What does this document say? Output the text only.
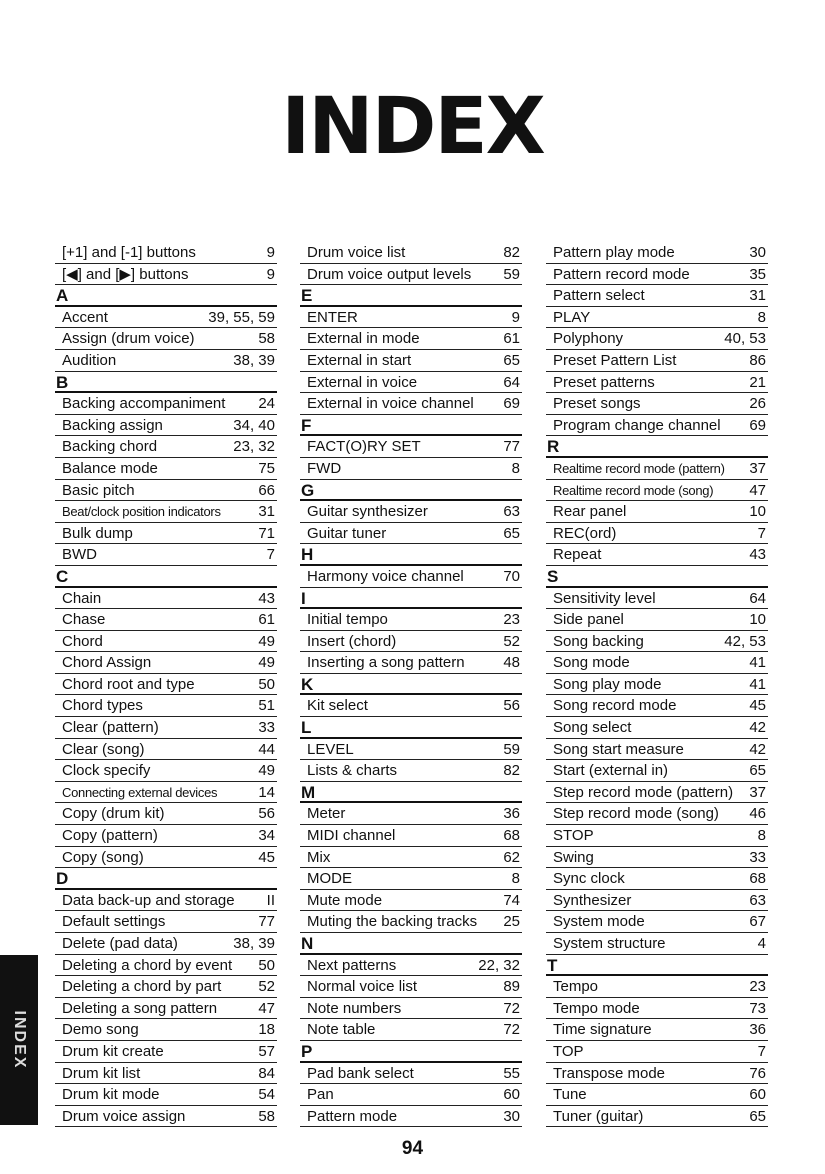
INDEX
[+1] and [-1] buttons	9
[◀] and [▶] buttons	9
A
Accent	39, 55, 59
Assign (drum voice)	58
Audition	38, 39
B
Backing accompaniment 24
Backing assign	34, 40
Backing chord	23, 32
Balance mode	75
Basic pitch	66
Beat/clock position indicators	31
Bulk dump	71
BWD	7
C
Chain	43
Chase	61
Chord	49
Chord Assign	49
Chord root and type	50
Chord types	51
Clear (pattern)	33
Clear (song)	44
Clock specify	49
Connecting external devices	14
Copy (drum kit)	56
Copy (pattern)	34
Copy (song)	45
D
Data back-up and storage II
Default settings	77
Delete (pad data)	38, 39
Deleting a chord by event 50
Deleting a chord by part 52
Deleting a song pattern	47
Demo song	18
Drum kit create	57
Drum kit list	84
Drum kit mode	54
Drum voice assign	58
Drum voice list	82
Drum voice output levels 59
E
ENTER	9
External in mode	61
External in start	65
External in voice	64
External in voice channel 69
F
FACT(O)RY SET	77
FWD	8
G
Guitar synthesizer	63
Guitar tuner	65
H
Harmony voice channel	70
I
Initial tempo	23
Insert (chord)	52
Inserting a song pattern	48
K
Kit select	56
L
LEVEL	59
Lists & charts	82
M
Meter	36
MIDI channel	68
Mix	62
MODE	8
Mute mode	74
Muting the backing tracks 25
N
Next patterns	22, 32
Normal voice list	89
Note numbers	72
Note table	72
P
Pad bank select	55
Pan	60
Pattern mode	30
Pattern play mode	30
Pattern record mode	35
Pattern select	31
PLAY	8
Polyphony	40, 53
Preset Pattern List	86
Preset patterns	21
Preset songs	26
Program change channel 69
R
Realtime record mode (pattern) 37
Realtime record mode (song) 47
Rear panel	10
REC(ord)	7
Repeat	43
S
Sensitivity level	64
Side panel	10
Song backing	42, 53
Song mode	41
Song play mode	41
Song record mode	45
Song select	42
Song start measure	42
Start (external in)	65
Step record mode (pattern) 37
Step record mode (song) 46
STOP	8
Swing	33
Sync clock	68
Synthesizer	63
System mode	67
System structure	4
T
Tempo	23
Tempo mode	73
Time signature	36
TOP	7
Transpose mode	76
Tune	60
Tuner (guitar)	65
INDEX
94
